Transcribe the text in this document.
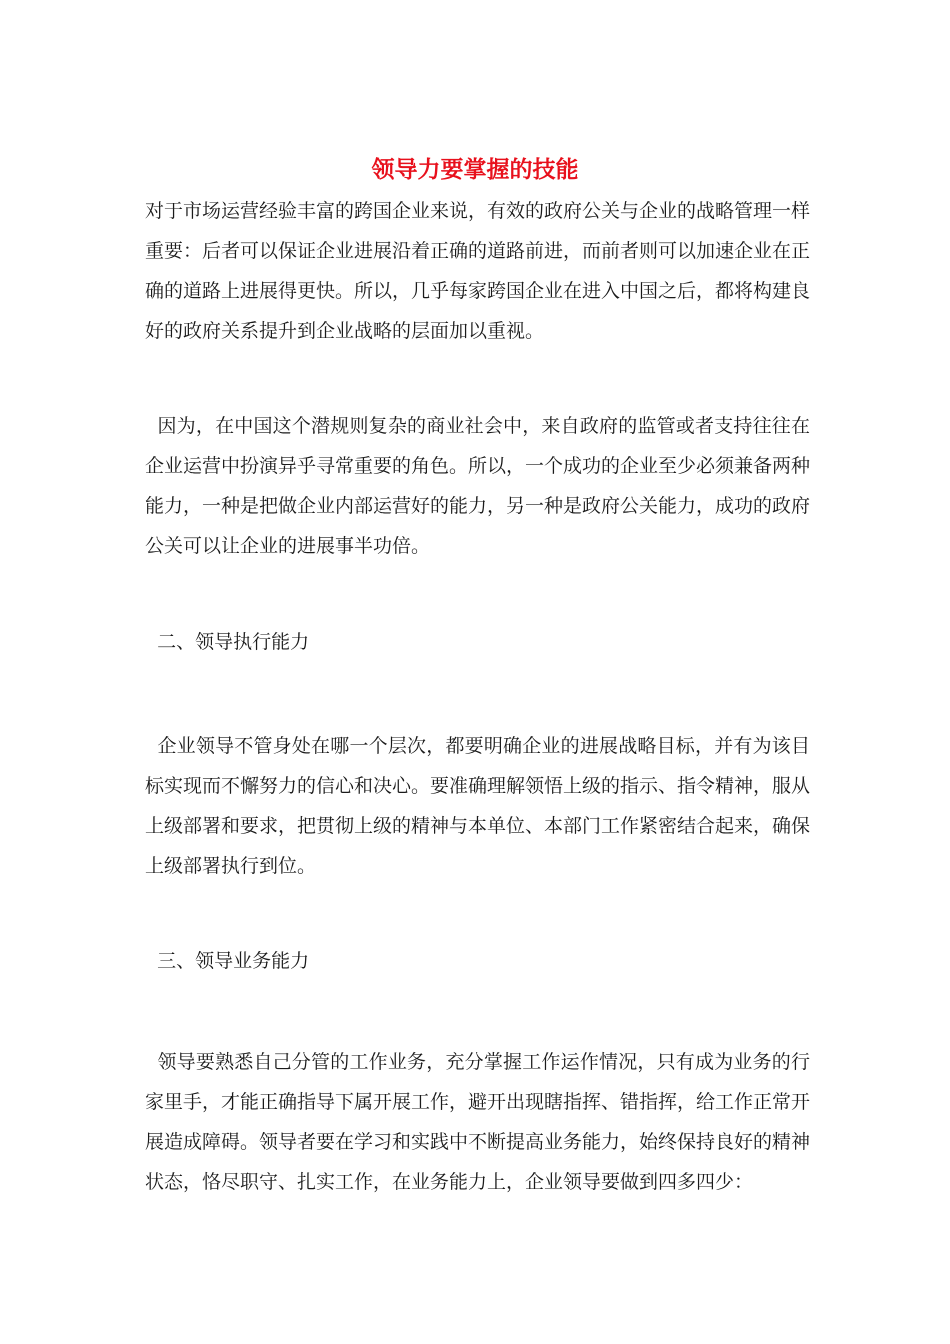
领导力要掌握的技能

对于市场运营经验丰富的跨国企业来说，有效的政府公关与企业的战略管理一样重要：后者可以保证企业进展沿着正确的道路前进，而前者则可以加速企业在正确的道路上进展得更快。所以，几乎每家跨国企业在进入中国之后，都将构建良好的政府关系提升到企业战略的层面加以重视。

因为，在中国这个潜规则复杂的商业社会中，来自政府的监管或者支持往往在企业运营中扮演异乎寻常重要的角色。所以，一个成功的企业至少必须兼备两种能力，一种是把做企业内部运营好的能力，另一种是政府公关能力，成功的政府公关可以让企业的进展事半功倍。

二、领导执行能力

企业领导不管身处在哪一个层次，都要明确企业的进展战略目标，并有为该目标实现而不懈努力的信心和决心。要准确理解领悟上级的指示、指令精神，服从上级部署和要求，把贯彻上级的精神与本单位、本部门工作紧密结合起来，确保上级部署执行到位。

三、领导业务能力

领导要熟悉自己分管的工作业务，充分掌握工作运作情况，只有成为业务的行家里手，才能正确指导下属开展工作，避开出现瞎指挥、错指挥，给工作正常开展造成障碍。领导者要在学习和实践中不断提高业务能力，始终保持良好的精神状态，恪尽职守、扎实工作，在业务能力上，企业领导要做到四多四少：
